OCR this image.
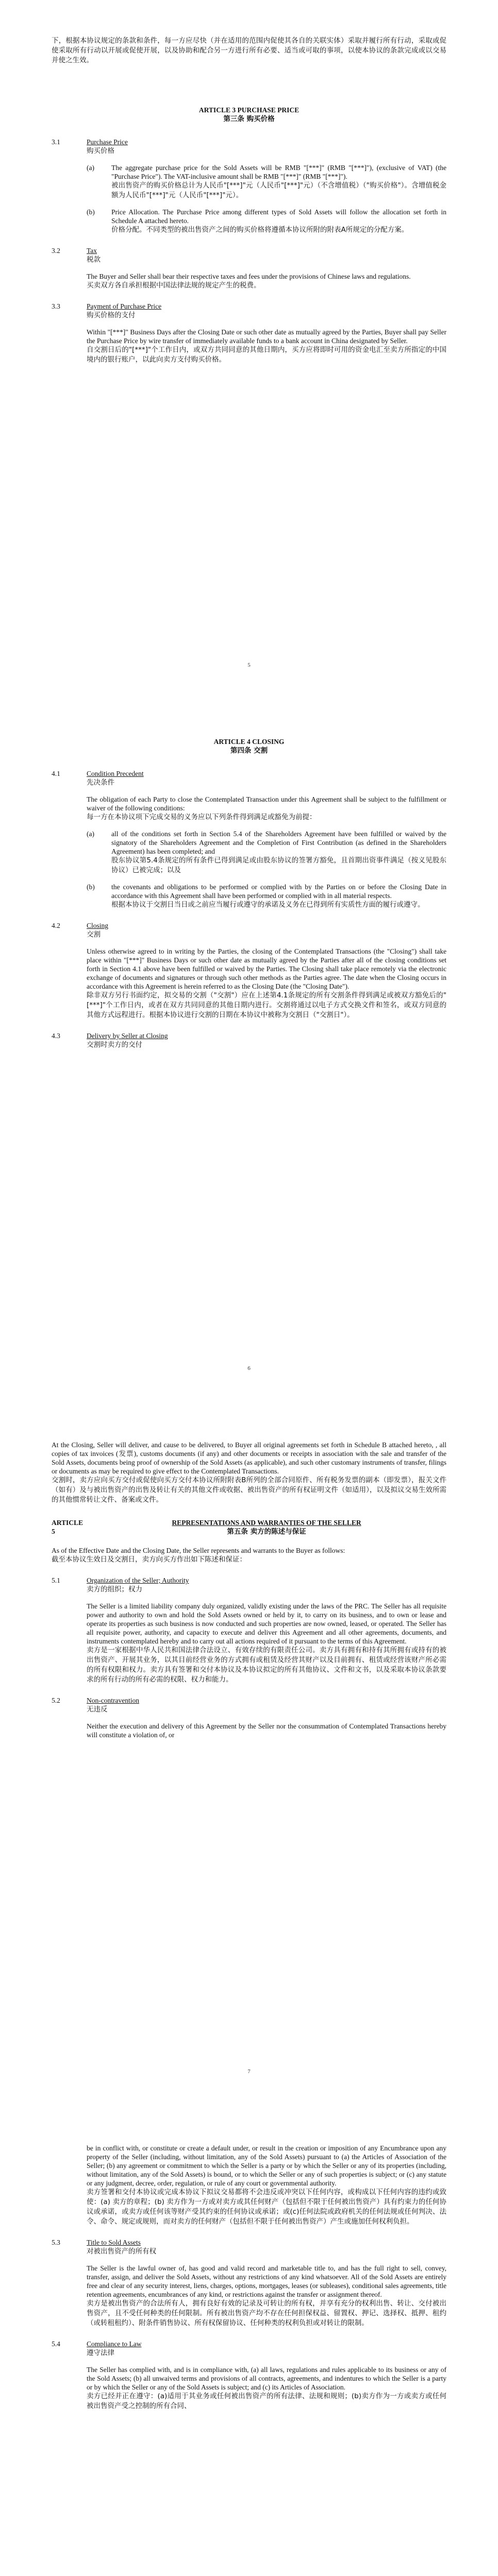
下，根据本协议规定的条款和条件，每一方应尽快（并在适用的范围内促使其各自的关联实体）采取并履行所有行动，采取或促使采取所有行动以开展或促使开展，以及协助和配合另一方进行所有必要、适当或可取的事项，以使本协议的条款完成或以交易并使之生效。

ARTICLE 3 PURCHASE PRICE

第三条 购买价格

3.1	Purchase Price

购买价格

(a)	The aggregate purchase price for the Sold Assets will be RMB "[***]" (RMB "[***]"), (exclusive of VAT) (the "Purchase Price"). The VAT-inclusive amount shall be RMB "[***]" (RMB "[***]").

被出售资产的购买价格总计为人民币"[***]"元（人民币"[***]"元）（不含增值税）（"购买价格"）。含增值税金额为人民币"[***]"元（人民币"[***]"元）。

(b)	Price Allocation. The Purchase Price among different types of Sold Assets will follow the allocation set forth in Schedule A attached hereto.

价格分配。不同类型的被出售资产之间的购买价格将遵循本协议所附的附表A所规定的分配方案。

3.2	Tax

税款

The Buyer and Seller shall bear their respective taxes and fees under the provisions of Chinese laws and regulations.

买卖双方各自承担根据中国法律法规的规定产生的税费。

3.3	Payment of Purchase Price

购买价格的支付

Within "[***]" Business Days after the Closing Date or such other date as mutually agreed by the Parties, Buyer shall pay Seller the Purchase Price by wire transfer of immediately available funds to a bank account in China designated by Seller.

自交割日后的"[***]"个工作日内，或双方共同同意的其他日期内，买方应将即时可用的资金电汇至卖方所指定的中国境内的银行账户，以此向卖方支付购买价格。

5

ARTICLE 4 CLOSING

第四条 交割

4.1	Condition Precedent

先决条件

The obligation of each Party to close the Contemplated Transaction under this Agreement shall be subject to the fulfillment or waiver of the following conditions:

每一方在本协议项下完成交易的义务应以下列条件得到满足或豁免为前提：

(a)	all of the conditions set forth in Section 5.4 of the Shareholders Agreement have been fulfilled or waived by the signatory of the Shareholders Agreement and the Completion of First Contribution (as defined in the Shareholders Agreement) has been completed; and

股东协议第5.4条规定的所有条件已得到满足或由股东协议的签署方豁免，且首期出资事件满足（按义见股东协议）已被完成；以及

(b)	the covenants and obligations to be performed or complied with by the Parties on or before the Closing Date in accordance with this Agreement shall have been performed or complied with in all material respects.

根据本协议于交割日当日或之前应当履行或遵守的承诺及义务在已得到所有实质性方面的履行或遵守。

4.2	Closing

交割

Unless otherwise agreed to in writing by the Parties, the closing of the Contemplated Transactions (the "Closing") shall take place within "[***]" Business Days or such other date as mutually agreed by the Parties after all of the closing conditions set forth in Section 4.1 above have been fulfilled or waived by the Parties. The Closing shall take place remotely via the electronic exchange of documents and signatures or through such other methods as the Parties agree. The date when the Closing occurs in accordance with this Agreement is herein referred to as the Closing Date (the "Closing Date").

除非双方另行书面约定，拟交易的交割（"交割"）应在上述第4.1条规定的所有交割条件得到满足或被双方豁免后的"[***]"个工作日内，或者在双方共同同意的其他日期内进行。交割将通过以电子方式交换文件和签名，或双方同意的其他方式远程进行。根据本协议进行交割的日期在本协议中被称为交割日（"交割日"）。

4.3	Delivery by Seller at Closing

交割时卖方的交付

6

At the Closing, Seller will deliver, and cause to be delivered, to Buyer all original agreements set forth in Schedule B attached hereto, , all copies of tax invoices (发票), customs documents (if any) and other documents or receipts in association with the sale and transfer of the Sold Assets, documents being proof of ownership of the Sold Assets (as applicable), and such other customary instruments of transfer, filings or documents as may be required to give effect to the Contemplated Transactions.

交割时，卖方应向买方交付或促使向买方交付本协议所附附表B所列的全部合同原件、所有税务发票的副本（即发票），报关文件（如有）及与被出售资产的出售及转让有关的其他文件或收据、被出售资产的所有权证明文件（如适用），以及拟议交易生效所需的其他惯常转让文件、备案或文件。

ARTICLE 5

REPRESENTATIONS AND WARRANTIES OF THE SELLER

第五条 卖方的陈述与保证

As of the Effective Date and the Closing Date, the Seller represents and warrants to the Buyer as follows:

截至本协议生效日及交割日，卖方向买方作出如下陈述和保证：

5.1	Organization of the Seller; Authority

卖方的组织；权力

The Seller is a limited liability company duly organized, validly existing under the laws of the PRC. The Seller has all requisite power and authority to own and hold the Sold Assets owned or held by it, to carry on its business, and to own or lease and operate its properties as such business is now conducted and such properties are now owned, leased, or operated. The Seller has all requisite power, authority, and capacity to execute and deliver this Agreement and all other agreements, documents, and instruments contemplated hereby and to carry out all actions required of it pursuant to the terms of this Agreement.

卖方是一家根据中华人民共和国法律合法设立、有效存续的有限责任公司。卖方具有拥有和持有其所拥有或持有的被出售资产、开展其业务，以其目前经营业务的方式拥有或租赁及经营其财产以及目前拥有、租赁或经营该财产所必需的所有权限和权力。卖方具有签署和交付本协议及本协议拟定的所有其他协议、文件和文书，以及采取本协议条款要求的所有行动的所有必需的权限、权力和能力。

5.2	Non-contravention

无违反

Neither the execution and delivery of this Agreement by the Seller nor the consummation of Contemplated Transactions hereby will constitute a violation of, or

7

be in conflict with, or constitute or create a default under, or result in the creation or imposition of any Encumbrance upon any property of the Seller (including, without limitation, any of the Sold Assets) pursuant to (a) the Articles of Association of the Seller; (b) any agreement or commitment to which the Seller is a party or by which the Seller or any of its properties (including, without limitation, any of the Sold Assets) is bound, or to which the Seller or any of such properties is subject; or (c) any statute or any judgment, decree, order, regulation, or rule of any court or governmental authority.

卖方签署和交付本协议或完成本协议下拟议交易都将不会违反或冲突以下任何内容，或构成以下任何内容的违约或致使：(a) 卖方的章程；(b) 卖方作为一方或对卖方或其任何财产（包括但不限于任何被出售资产）具有约束力的任何协议或承诺，或卖方或任何该等财产受其约束的任何协议或承诺；或(c)任何法院或政府机关的任何法规或任何判决、法令、命令、规定或规则，而对卖方的任何财产（包括但不限于任何被出售资产）产生或施加任何权利负担。

5.3	Title to Sold Assets

对被出售资产的所有权

The Seller is the lawful owner of, has good and valid record and marketable title to, and has the full right to sell, convey, transfer, assign, and deliver the Sold Assets, without any restrictions of any kind whatsoever. All of the Sold Assets are entirely free and clear of any security interest, liens, charges, options, mortgages, leases (or subleases), conditional sales agreements, title retention agreements, encumbrances of any kind, or restrictions against the transfer or assignment thereof.

卖方是被出售资产的合法所有人，拥有良好有效的记录及可转让的所有权，并享有充分的权利出售、转让、交付被出售资产，且不受任何种类的任何限制。所有被出售资产均不存在任何担保权益、留置权、押记、选择权、抵押、租约（或转租租约）、附条件销售协议、所有权保留协议、任何种类的权利负担或对转让的限制。

5.4	Compliance to Law

遵守法律

The Seller has complied with, and is in compliance with, (a) all laws, regulations and rules applicable to its business or any of the Sold Assets; (b) all unwaived terms and provisions of all contracts, agreements, and indentures to which the Seller is a party or by which the Seller or any of the Sold Assets is subject; and (c) its Articles of Association.

卖方已经并正在遵守：(a)适用于其业务或任何被出售资产的所有法律、法规和规则；(b)卖方作为一方或卖方或任何被出售资产受之控制的所有合同、
